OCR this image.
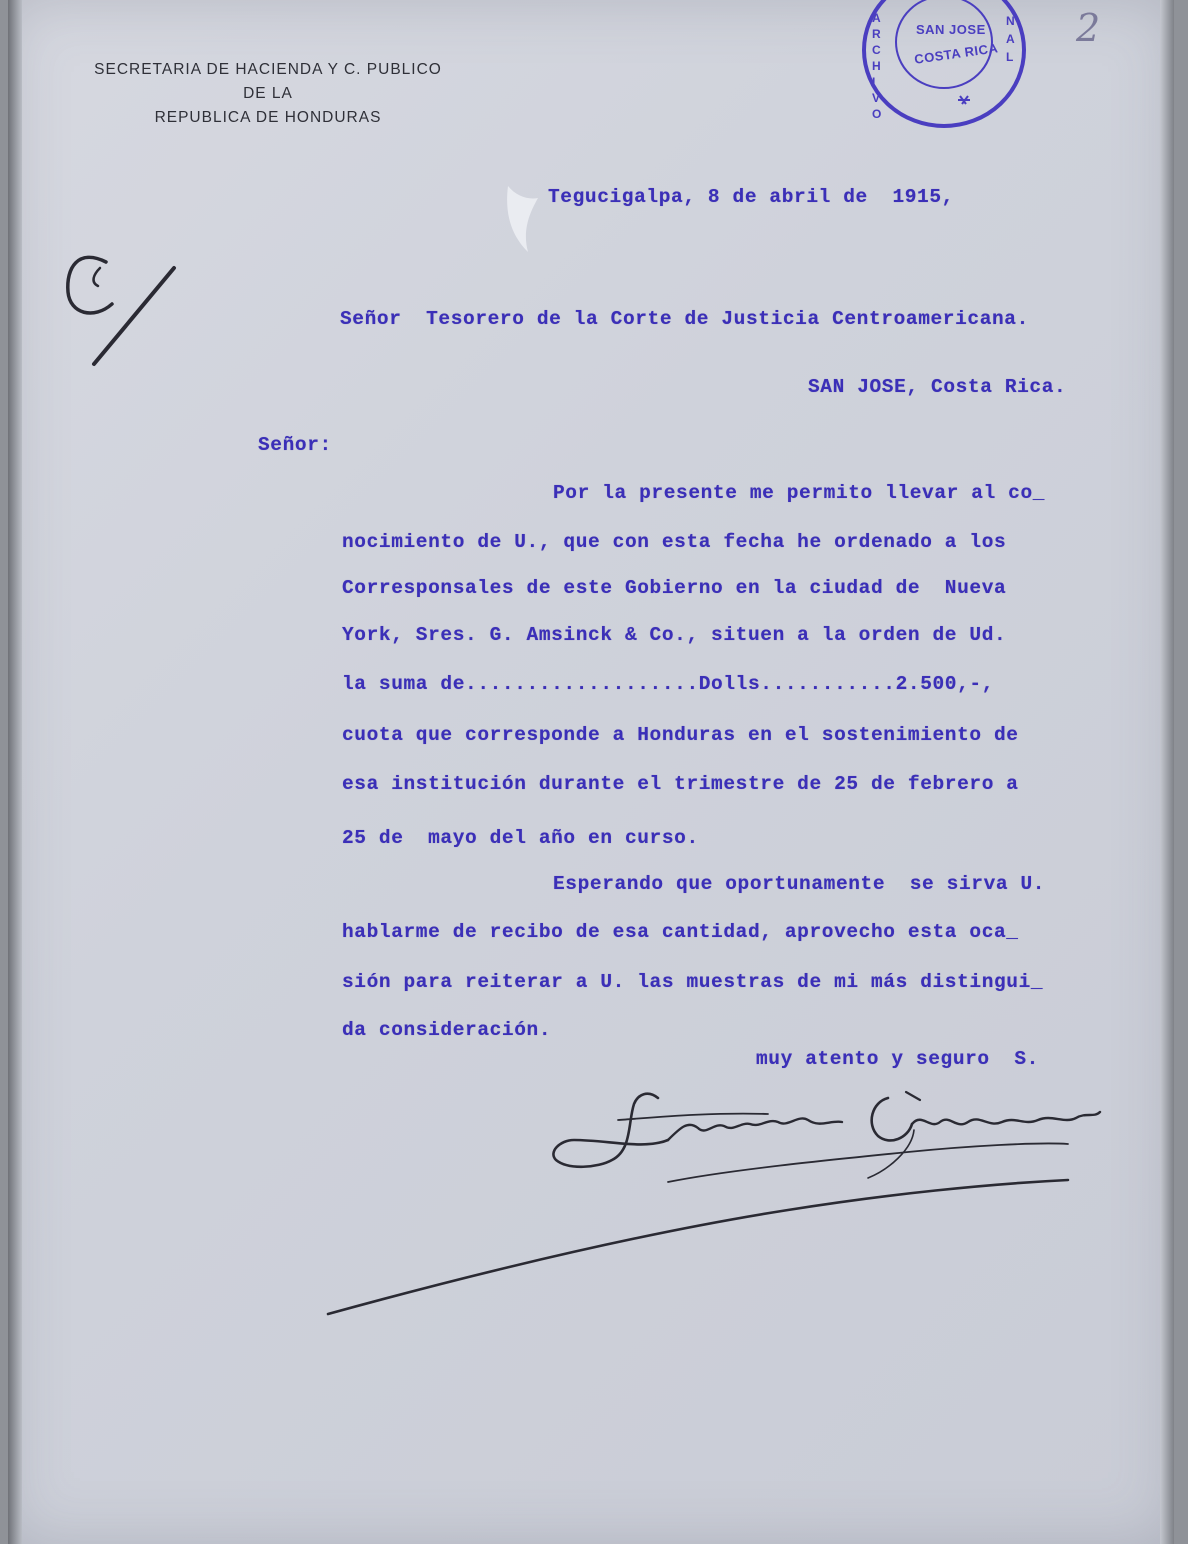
SECRETARIA DE HACIENDA Y C. PUBLICO
DE LA
REPUBLICA DE HONDURAS
SAN JOSE
COSTA RICA
ARCHIVO
NAL
2
Tegucigalpa, 8 de abril de  1915,
Señor  Tesorero de la Corte de Justicia Centroamericana.
SAN JOSE, Costa Rica.
Señor:
Por la presente me permito llevar al co_
nocimiento de U., que con esta fecha he ordenado a los
Corresponsales de este Gobierno en la ciudad de  Nueva
York, Sres. G. Amsinck & Co., situen a la orden de Ud.
la suma de...................Dolls...........2.500,-,
cuota que corresponde a Honduras en el sostenimiento de
esa institución durante el trimestre de 25 de febrero a
25 de  mayo del año en curso.
Esperando que oportunamente  se sirva U.
hablarme de recibo de esa cantidad, aprovecho esta oca_
sión para reiterar a U. las muestras de mi más distingui_
da consideración.
muy atento y seguro  S.
